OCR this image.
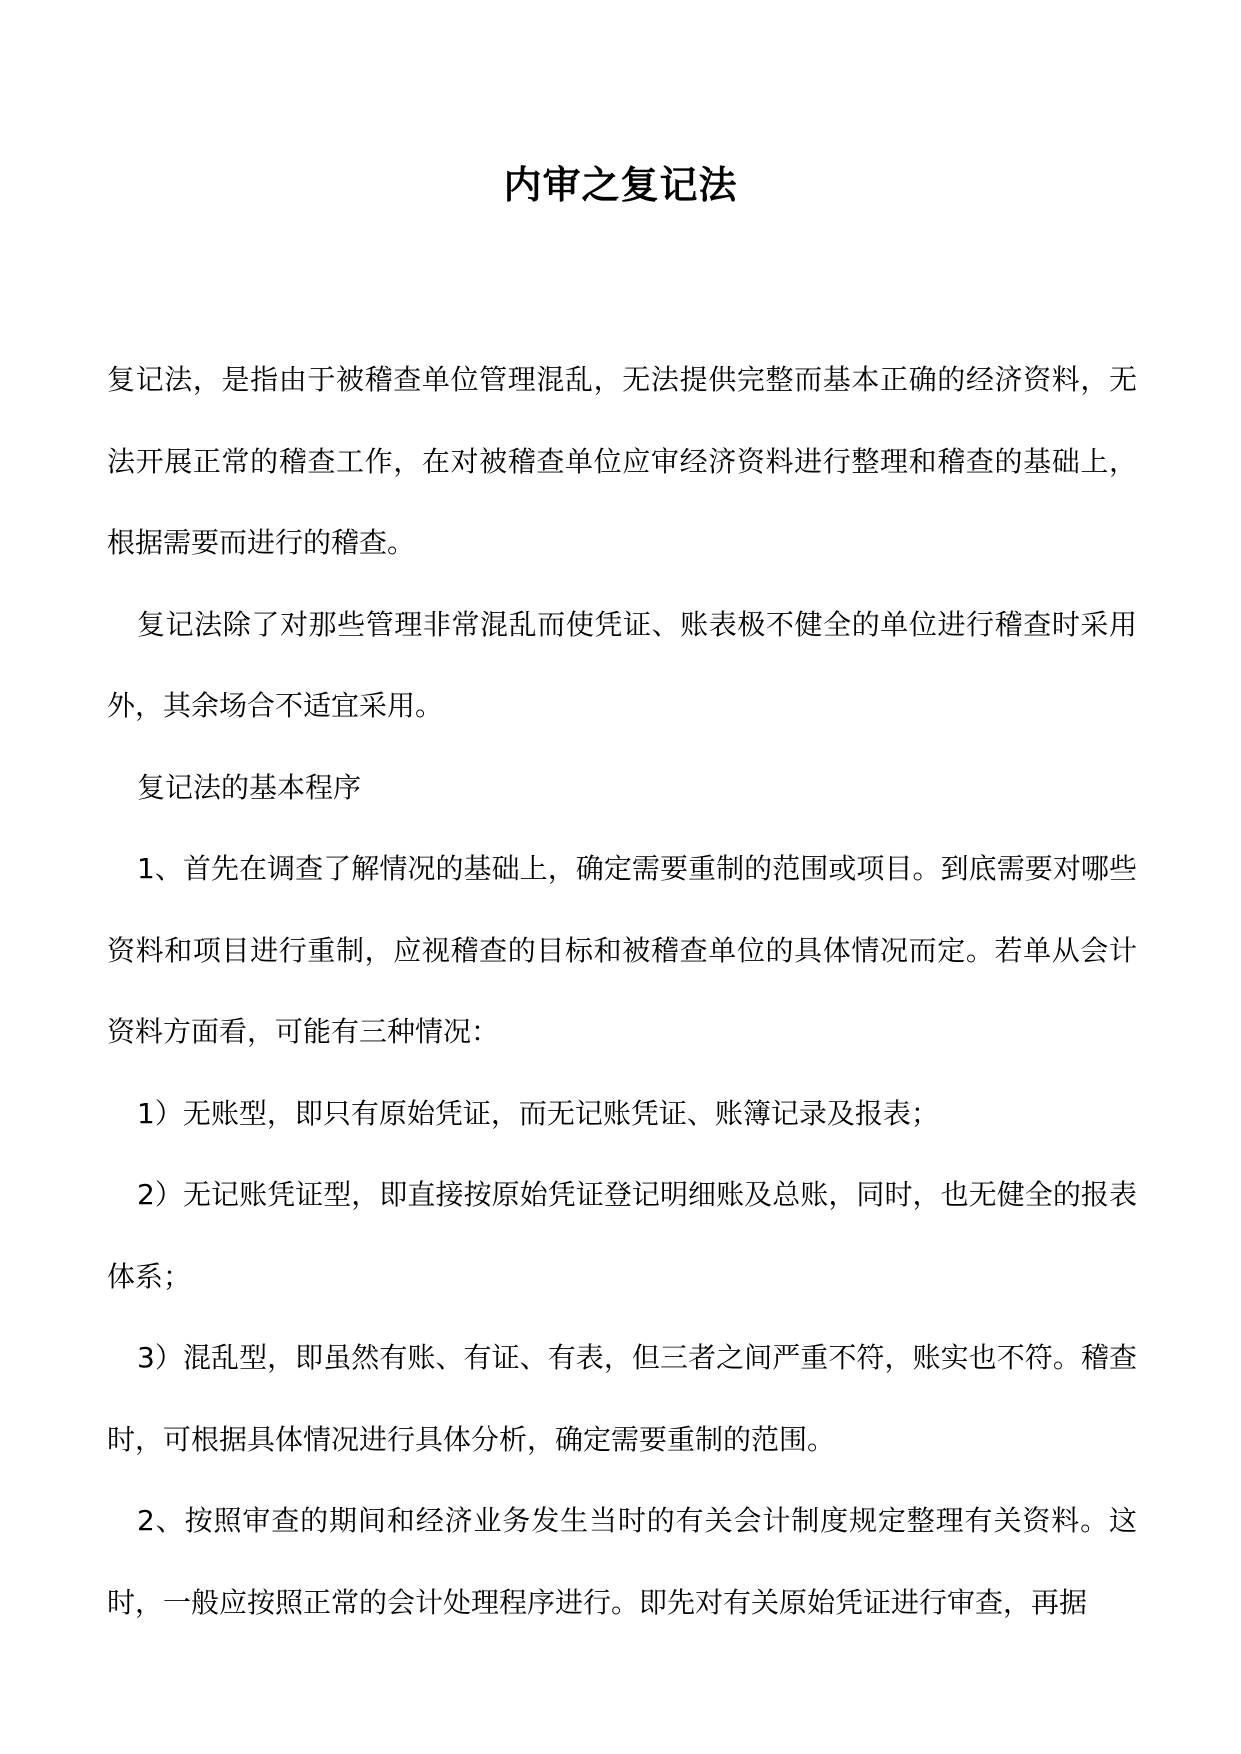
内审之复记法

复记法，是指由于被稽查单位管理混乱，无法提供完整而基本正确的经济资料，无法开展正常的稽查工作，在对被稽查单位应审经济资料进行整理和稽查的基础上，根据需要而进行的稽查。

复记法除了对那些管理非常混乱而使凭证、账表极不健全的单位进行稽查时采用外，其余场合不适宜采用。

复记法的基本程序

1、首先在调查了解情况的基础上，确定需要重制的范围或项目。到底需要对哪些资料和项目进行重制，应视稽查的目标和被稽查单位的具体情况而定。若单从会计资料方面看，可能有三种情况：

1）无账型，即只有原始凭证，而无记账凭证、账簿记录及报表；

2）无记账凭证型，即直接按原始凭证登记明细账及总账，同时，也无健全的报表体系；

3）混乱型，即虽然有账、有证、有表，但三者之间严重不符，账实也不符。稽查时，可根据具体情况进行具体分析，确定需要重制的范围。

2、按照审查的期间和经济业务发生当时的有关会计制度规定整理有关资料。这时，一般应按照正常的会计处理程序进行。即先对有关原始凭证进行审查，再据
